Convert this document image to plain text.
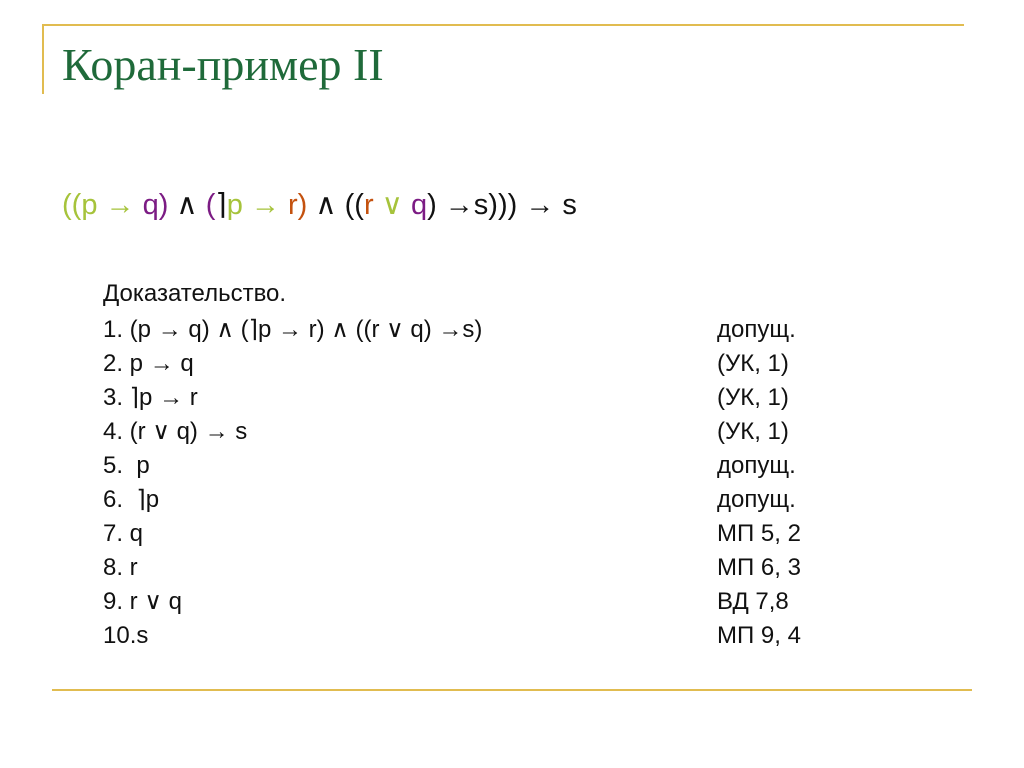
Коран-пример II
((p → q) ∧ (⌉p → r) ∧ ((r ∨ q) →s))) → s
Доказательство.
1. (p → q) ∧ (⌉p → r) ∧ ((r ∨ q) →s)	допущ.
2. p → q	(УК, 1)
3. ⌉p → r	(УК, 1)
4. (r ∨ q) → s	(УК, 1)
5.  p	допущ.
6.  ⌉p	допущ.
7. q	МП 5, 2
8. r	МП 6, 3
9. r ∨ q	ВД 7,8
10.s	МП 9, 4
